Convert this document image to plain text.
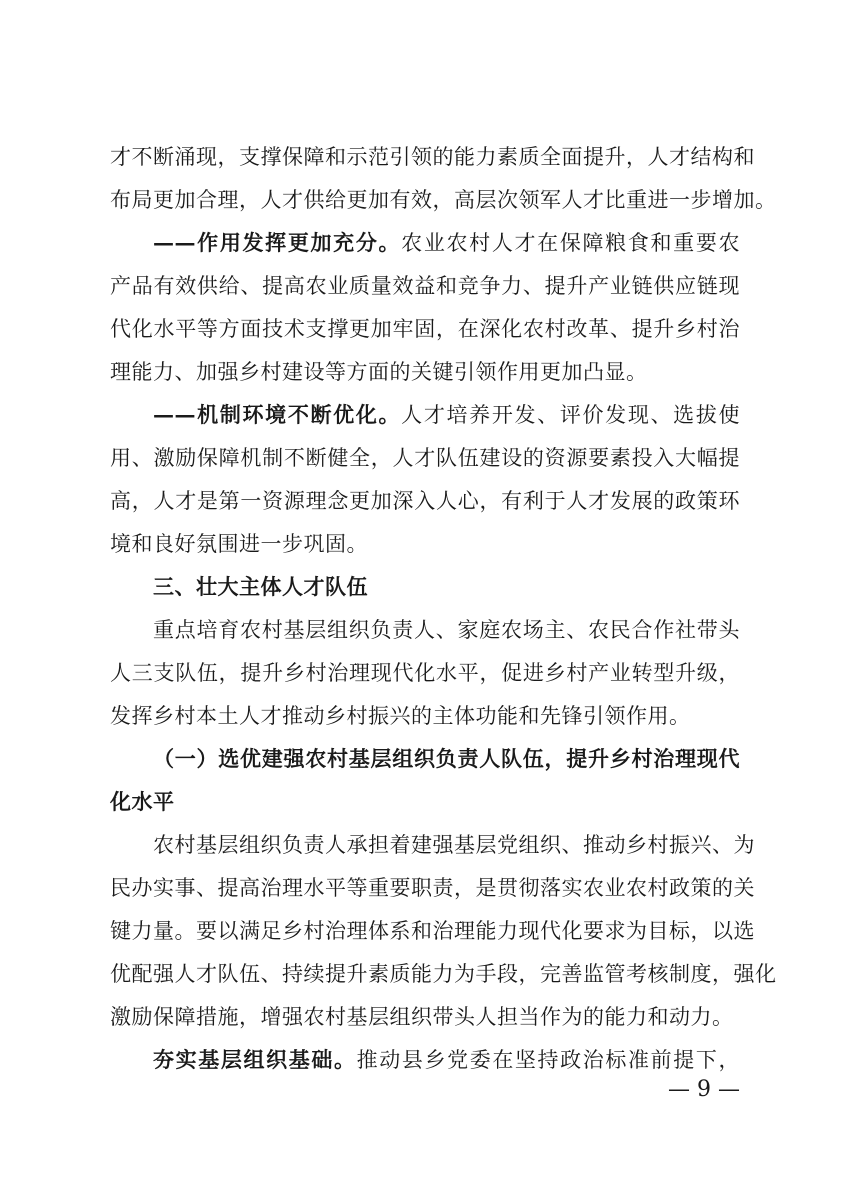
才不断涌现，支撑保障和示范引领的能力素质全面提升，人才结构和
布局更加合理，人才供给更加有效，高层次领军人才比重进一步增加。
——作用发挥更加充分。农业农村人才在保障粮食和重要农
产品有效供给、提高农业质量效益和竞争力、提升产业链供应链现
代化水平等方面技术支撑更加牢固，在深化农村改革、提升乡村治
理能力、加强乡村建设等方面的关键引领作用更加凸显。
——机制环境不断优化。人才培养开发、评价发现、选拔使
用、激励保障机制不断健全，人才队伍建设的资源要素投入大幅提
高，人才是第一资源理念更加深入人心，有利于人才发展的政策环
境和良好氛围进一步巩固。
三、壮大主体人才队伍
重点培育农村基层组织负责人、家庭农场主、农民合作社带头
人三支队伍，提升乡村治理现代化水平，促进乡村产业转型升级，
发挥乡村本土人才推动乡村振兴的主体功能和先锋引领作用。
（一）选优建强农村基层组织负责人队伍，提升乡村治理现代
化水平
农村基层组织负责人承担着建强基层党组织、推动乡村振兴、为
民办实事、提高治理水平等重要职责，是贯彻落实农业农村政策的关
键力量。要以满足乡村治理体系和治理能力现代化要求为目标，以选
优配强人才队伍、持续提升素质能力为手段，完善监管考核制度，强化
激励保障措施，增强农村基层组织带头人担当作为的能力和动力。
夯实基层组织基础。推动县乡党委在坚持政治标准前提下，
— 9 —
